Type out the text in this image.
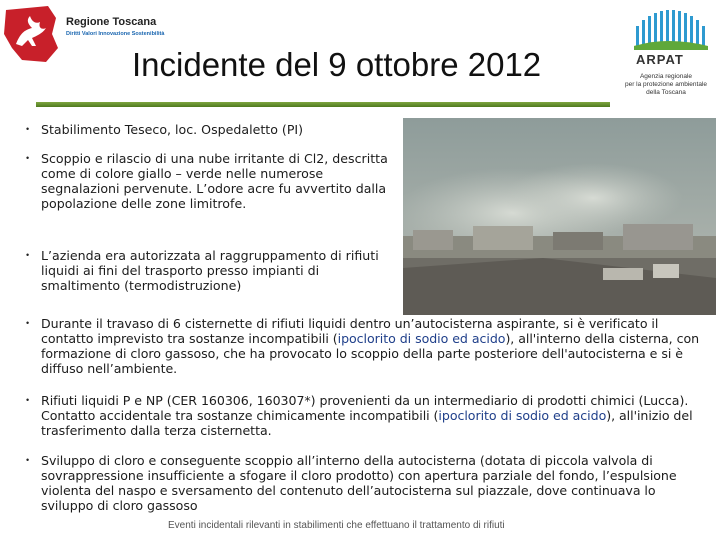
Regione Toscana
Diritti Valori Innovazione Sostenibilità
ARPAT
Agenzia regionale
per la protezione ambientale
della Toscana
Incidente del 9 ottobre 2012
• Stabilimento Teseco, loc. Ospedaletto (PI)
• Scoppio e rilascio di una nube irritante di Cl2, descritta come di colore giallo – verde nelle numerose segnalazioni pervenute. L’odore acre fu avvertito dalla popolazione delle zone limitrofe.
• L’azienda era autorizzata al raggruppamento di rifiuti liquidi ai fini del trasporto presso impianti di smaltimento (termodistruzione)
• Durante il travaso di 6 cisternette di rifiuti liquidi dentro un’autocisterna aspirante, si è verificato il contatto imprevisto tra sostanze incompatibili (ipoclorito di sodio ed acido), all'interno della cisterna, con formazione di cloro gassoso, che ha provocato lo scoppio della parte posteriore dell'autocisterna e si è diffuso nell’ambiente.
• Rifiuti liquidi P e NP (CER 160306, 160307*) provenienti da un intermediario di prodotti chimici (Lucca). Contatto accidentale tra sostanze chimicamente incompatibili (ipoclorito di sodio ed acido), all'inizio del trasferimento dalla terza cisternetta.
• Sviluppo di cloro e conseguente scoppio all’interno della autocisterna (dotata di piccola valvola di sovrappressione insufficiente a sfogare il cloro prodotto) con apertura parziale del fondo, l’espulsione violenta del naspo e sversamento del contenuto dell’autocisterna sul piazzale, dove continuava lo sviluppo di cloro gassoso
Eventi incidentali rilevanti in stabilimenti che effettuano il trattamento di rifiuti
